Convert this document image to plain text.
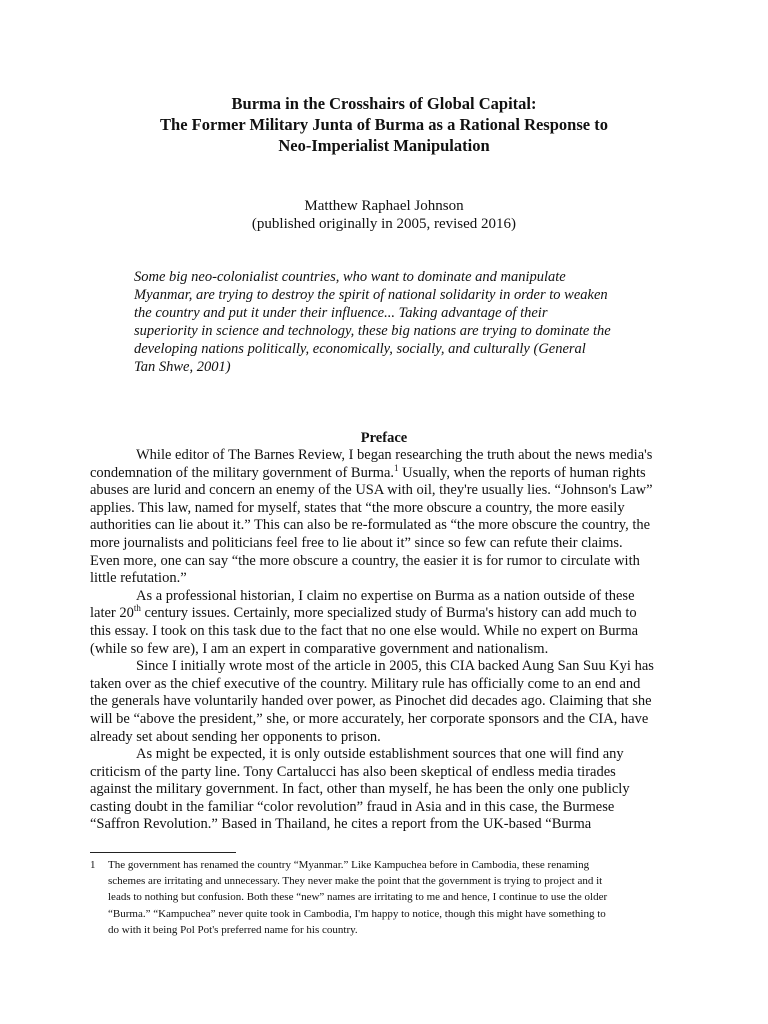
Burma in the Crosshairs of Global Capital:
The Former Military Junta of Burma as a Rational Response to
Neo-Imperialist Manipulation
Matthew Raphael Johnson
(published originally in 2005, revised 2016)
Some big neo-colonialist countries, who want to dominate and manipulate
Myanmar, are trying to destroy the spirit of national solidarity in order to weaken
the country and put it under their influence... Taking advantage of their
superiority in science and technology, these big nations are trying to dominate the
developing nations politically, economically, socially, and culturally (General
Tan Shwe, 2001)
Preface
While editor of The Barnes Review, I began researching the truth about the news media's
condemnation of the military government of Burma.$^1$ Usually, when the reports of human rights
abuses are lurid and concern an enemy of the USA with oil, they're usually lies. “Johnson's Law”
applies. This law, named for myself, states that “the more obscure a country, the more easily
authorities can lie about it.” This can also be re-formulated as “the more obscure the country, the
more journalists and politicians feel free to lie about it” since so few can refute their claims.
Even more, one can say “the more obscure a country, the easier it is for rumor to circulate with
little refutation.”
As a professional historian, I claim no expertise on Burma as a nation outside of these
later 20th century issues. Certainly, more specialized study of Burma's history can add much to
this essay. I took on this task due to the fact that no one else would. While no expert on Burma
(while so few are), I am an expert in comparative government and nationalism.
Since I initially wrote most of the article in 2005, this CIA backed Aung San Suu Kyi has
taken over as the chief executive of the country. Military rule has officially come to an end and
the generals have voluntarily handed over power, as Pinochet did decades ago. Claiming that she
will be “above the president,” she, or more accurately, her corporate sponsors and the CIA, have
already set about sending her opponents to prison.
As might be expected, it is only outside establishment sources that one will find any
criticism of the party line. Tony Cartalucci has also been skeptical of endless media tirades
against the military government. In fact, other than myself, he has been the only one publicly
casting doubt in the familiar “color revolution” fraud in Asia and in this case, the Burmese
“Saffron Revolution.” Based in Thailand, he cites a report from the UK-based “Burma
1 The government has renamed the country “Myanmar.” Like Kampuchea before in Cambodia, these renaming
schemes are irritating and unnecessary. They never make the point that the government is trying to project and it
leads to nothing but confusion. Both these “new” names are irritating to me and hence, I continue to use the older
“Burma.” “Kampuchea” never quite took in Cambodia, I'm happy to notice, though this might have something to
do with it being Pol Pot's preferred name for his country.
